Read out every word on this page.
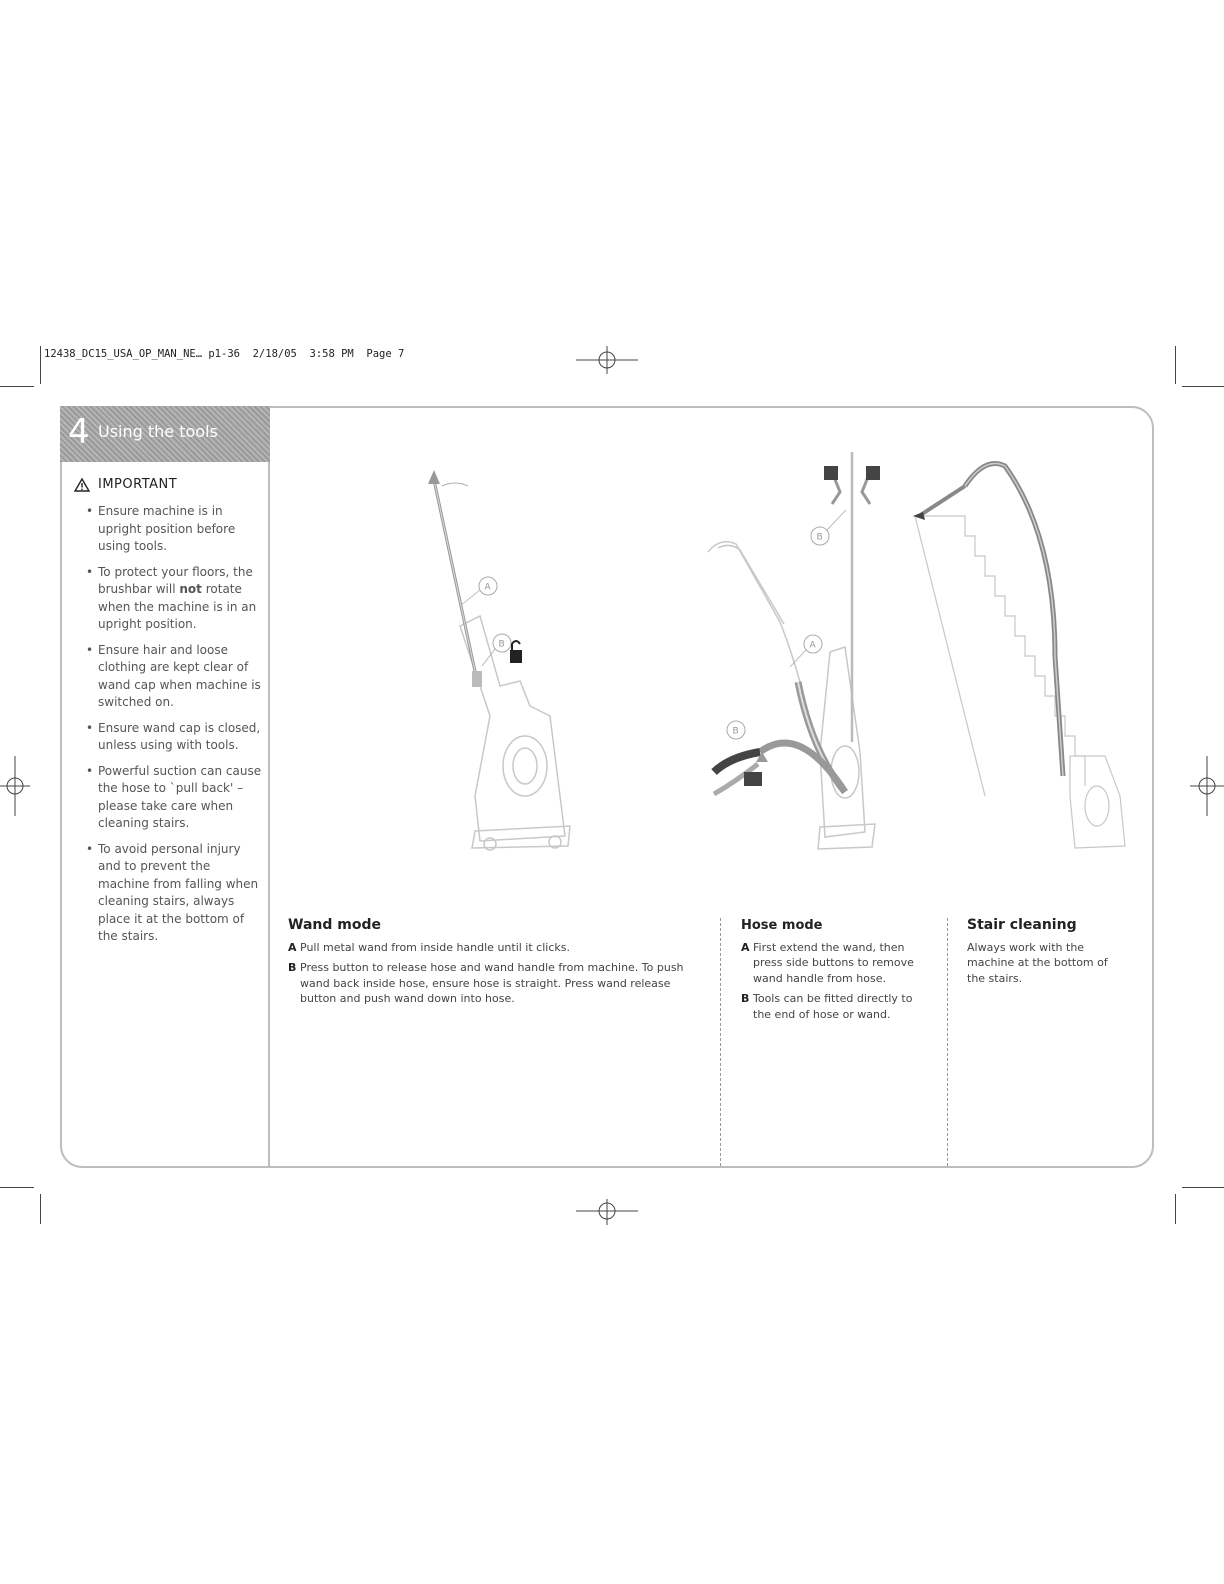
12438_DC15_USA_OP_MAN_NE… p1-36  2/18/05  3:58 PM  Page 7
4 Using the tools
IMPORTANT
• Ensure machine is in upright position before using tools.
• To protect your floors, the brushbar will not rotate when the machine is in an upright position.
• Ensure hair and loose clothing are kept clear of wand cap when machine is switched on.
• Ensure wand cap is closed, unless using with tools.
• Powerful suction can cause the hose to `pull back' – please take care when cleaning stairs.
• To avoid personal injury and to prevent the machine from falling when cleaning stairs, always place it at the bottom of the stairs.
A
B
B
A
B
Wand mode
A Pull metal wand from inside handle until it clicks.
B Press button to release hose and wand handle from machine. To push wand back inside hose, ensure hose is straight. Press wand release button and push wand down into hose.
Hose mode
A First extend the wand, then press side buttons to remove wand handle from hose.
B Tools can be fitted directly to the end of hose or wand.
Stair cleaning
Always work with the machine at the bottom of the stairs.
